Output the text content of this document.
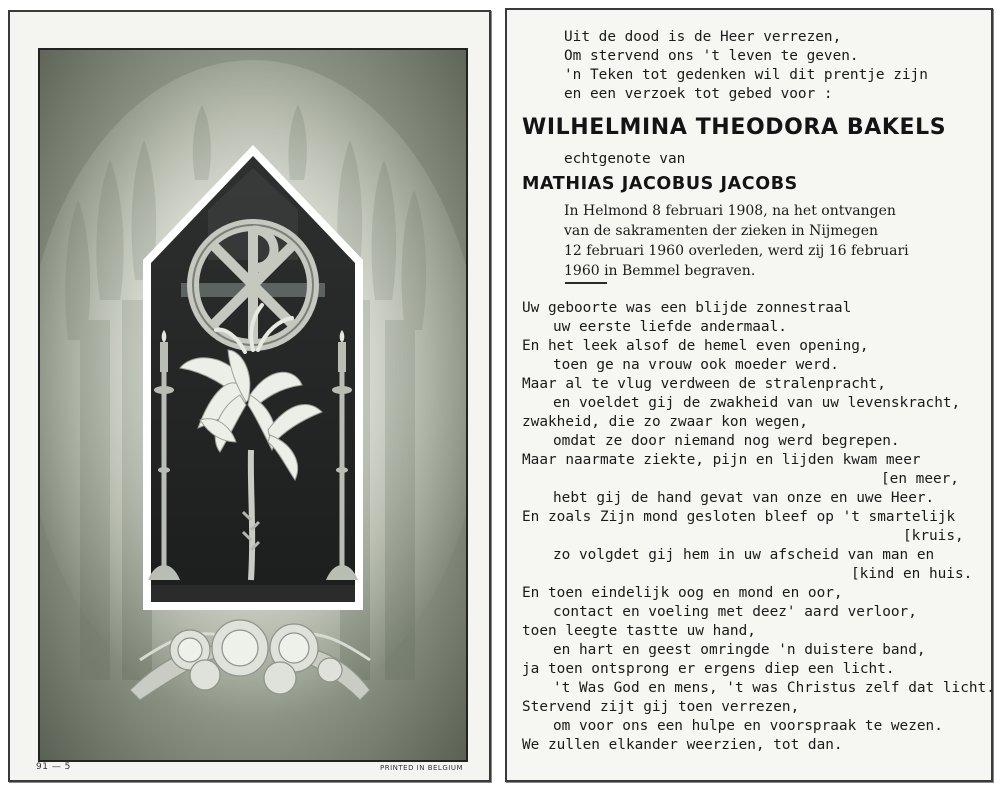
91 — 5	PRINTED IN BELGIUM
Uit de dood is de Heer verrezen,
Om stervend ons 't leven te geven.
'n Teken tot gedenken wil dit prentje zijn
en een verzoek tot gebed voor :
WILHELMINA THEODORA BAKELS
echtgenote van
MATHIAS JACOBUS JACOBS
In Helmond 8 februari 1908, na het ontvangen
van de sakramenten der zieken in Nijmegen
12 februari 1960 overleden, werd zij 16 februari
1960 in Bemmel begraven.
Uw geboorte was een blijde zonnestraal
uw eerste liefde andermaal.
En het leek alsof de hemel even opening,
toen ge na vrouw ook moeder werd.
Maar al te vlug verdween de stralenpracht,
en voeldet gij de zwakheid van uw levenskracht,
zwakheid, die zo zwaar kon wegen,
omdat ze door niemand nog werd begrepen.
Maar naarmate ziekte, pijn en lijden kwam meer
[en meer,
hebt gij de hand gevat van onze en uwe Heer.
En zoals Zijn mond gesloten bleef op 't smartelijk
[kruis,
zo volgdet gij hem in uw afscheid van man en
[kind en huis.
En toen eindelijk oog en mond en oor,
contact en voeling met deez' aard verloor,
toen leegte tastte uw hand,
en hart en geest omringde 'n duistere band,
ja toen ontsprong er ergens diep een licht.
't Was God en mens, 't was Christus zelf dat licht.
Stervend zijt gij toen verrezen,
om voor ons een hulpe en voorspraak te wezen.
We zullen elkander weerzien, tot dan.
